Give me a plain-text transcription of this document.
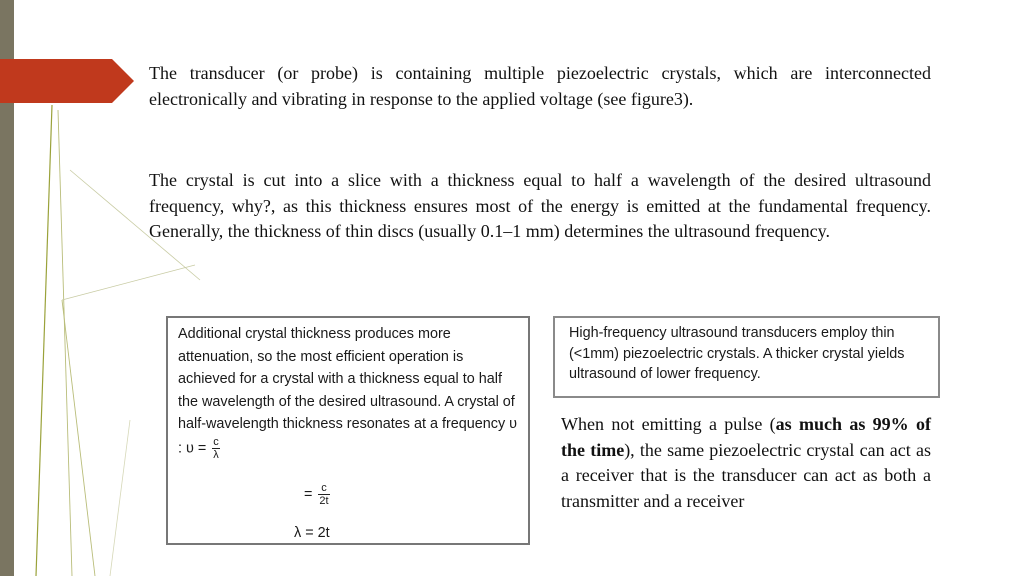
The transducer (or probe) is containing multiple piezoelectric crystals, which are interconnected electronically and vibrating in response to the applied voltage (see figure3).

The crystal is cut into a slice with a thickness equal to half a wavelength of the desired ultrasound frequency, why?, as this thickness ensures most of the energy is emitted at the fundamental frequency. Generally, the thickness of thin discs (usually 0.1–1 mm) determines the ultrasound frequency.

Additional crystal thickness produces more attenuation, so the most efficient operation is achieved for a crystal with a thickness equal to half the wavelength of the desired ultrasound. A crystal of half-wavelength thickness resonates at a frequency υ : $\upsilon = \frac{c}{\lambda}$

= $\frac{c}{2t}$
λ = 2t

High-frequency ultrasound transducers employ thin (<1mm) piezoelectric crystals. A thicker crystal yields ultrasound of lower frequency.

When not emitting a pulse (as much as 99% of the time), the same piezoelectric crystal can act as a receiver that is the transducer can act as both a transmitter and a receiver
